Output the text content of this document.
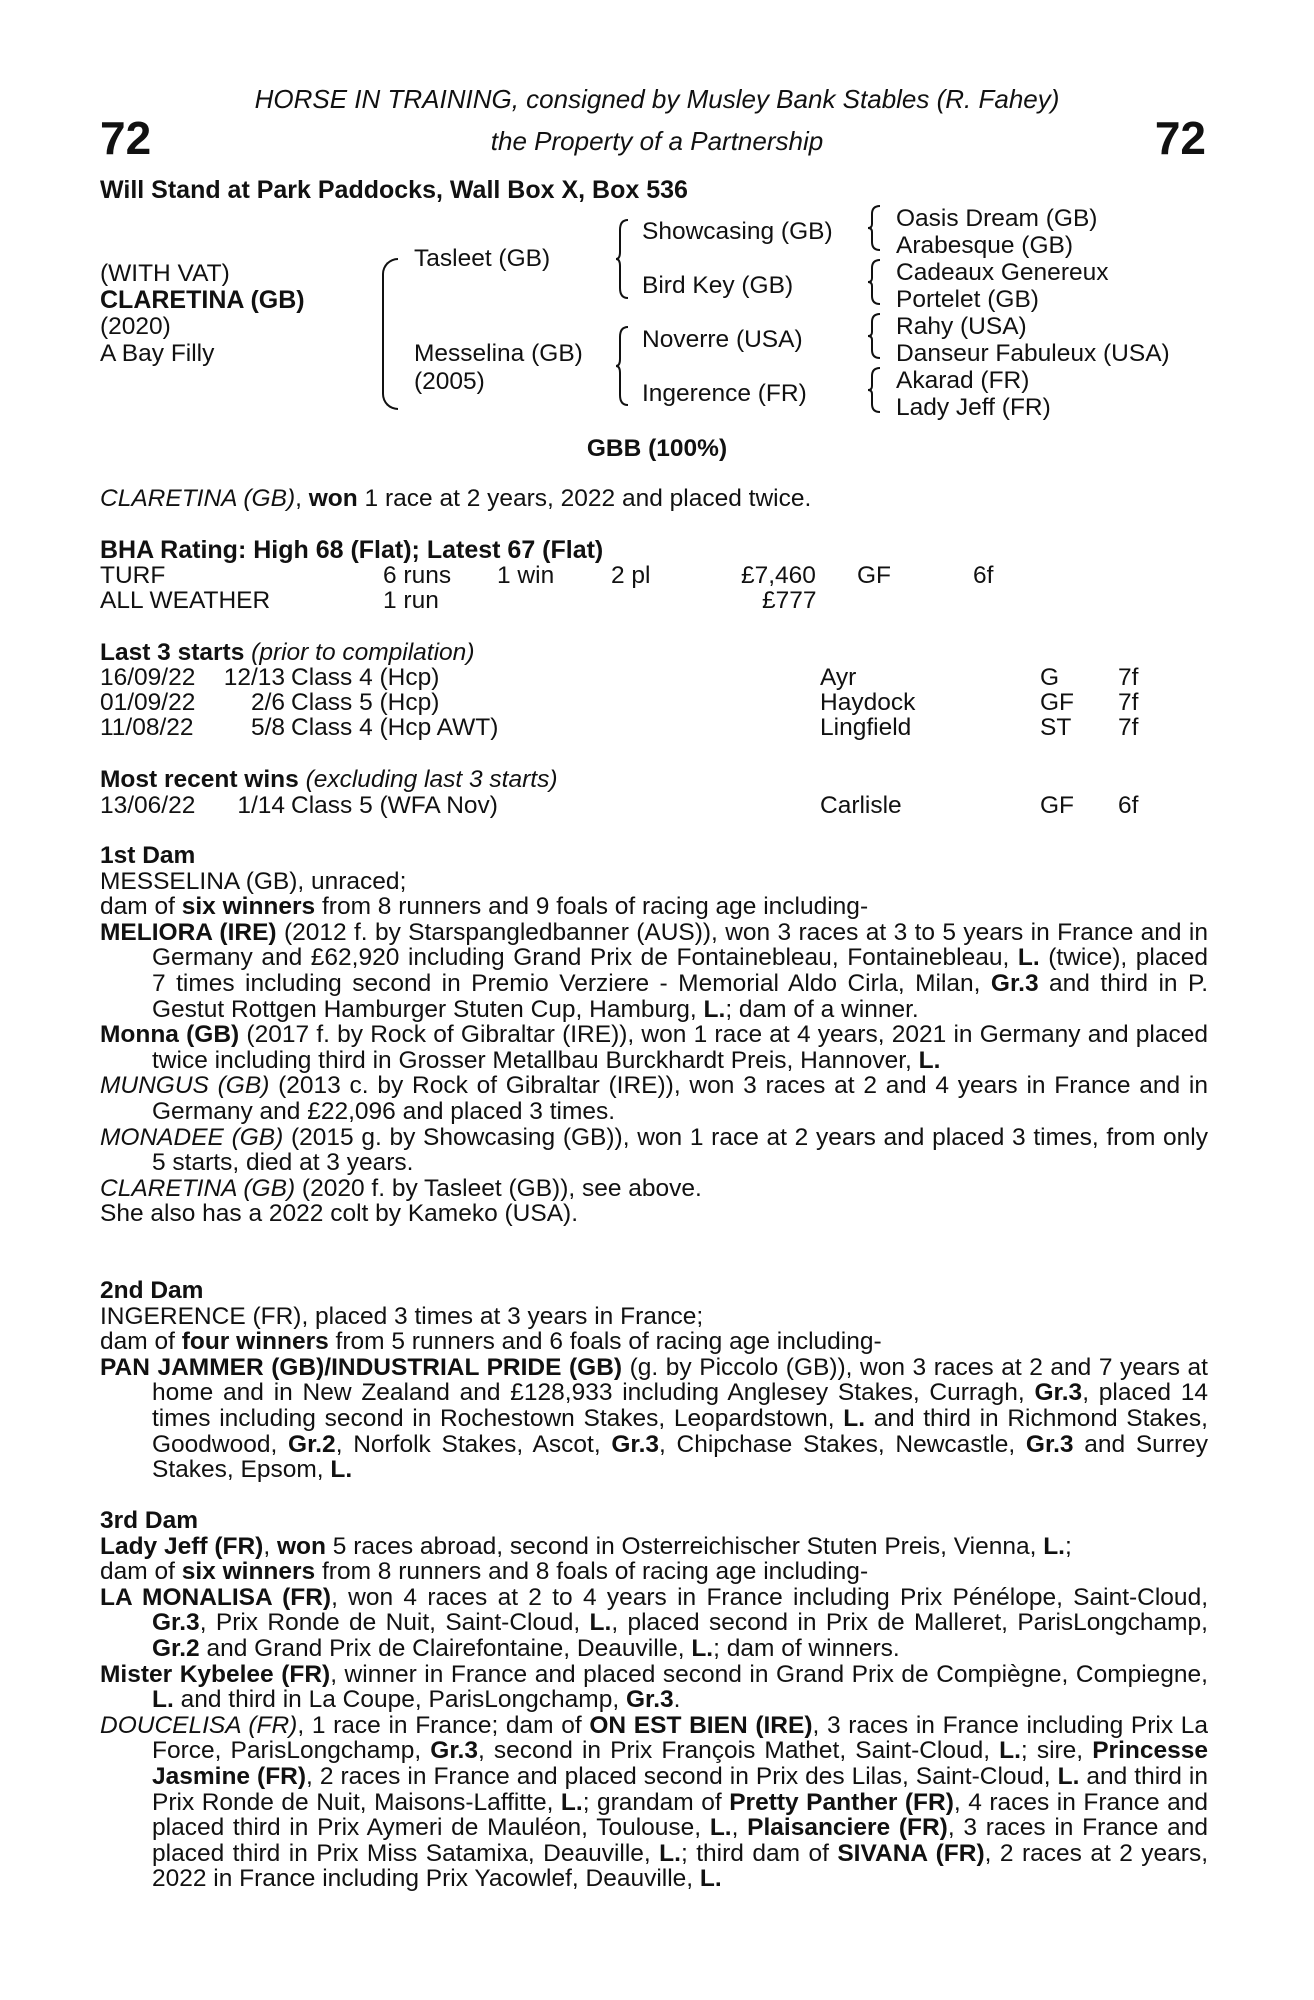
72	72
HORSE IN TRAINING, consigned by Musley Bank Stables (R. Fahey)
the Property of a Partnership
Will Stand at Park Paddocks, Wall Box X, Box 536
(WITH VAT)
CLARETINA (GB)
(2020)
A Bay Filly
Tasleet (GB)
Messelina (GB)
(2005)
Showcasing (GB)
Bird Key (GB)
Noverre (USA)
Ingerence (FR)
Oasis Dream (GB)
Arabesque (GB)
Cadeaux Genereux
Portelet (GB)
Rahy (USA)
Danseur Fabuleux (USA)
Akarad (FR)
Lady Jeff (FR)
GBB (100%)
CLARETINA (GB), won 1 race at 2 years, 2022 and placed twice.
BHA Rating: High 68 (Flat); Latest 67 (Flat)
TURF	6 runs 1 win 2 pl	£7,460 GF	6f
ALL WEATHER	1 run	£777
Last 3 starts (prior to compilation)
16/09/22	12/13 Class 4 (Hcp)	Ayr	G 7f
01/09/22	2/6 Class 5 (Hcp)	Haydock	GF 7f
11/08/22	5/8 Class 4 (Hcp AWT)	Lingfield	ST 7f
Most recent wins (excluding last 3 starts)
13/06/22	1/14 Class 5 (WFA Nov)	Carlisle	GF 6f

1st Dam

MESSELINA (GB), unraced;

dam of six winners from 8 runners and 9 foals of racing age including-

MELIORA (IRE) (2012 f. by Starspangledbanner (AUS)), won 3 races at 3 to 5 years in France and in Germany and £62,920 including Grand Prix de Fontainebleau, Fontainebleau, L. (twice), placed 7 times including second in Premio Verziere - Memorial Aldo Cirla, Milan, Gr.3 and third in P. Gestut Rottgen Hamburger Stuten Cup, Hamburg, L.; dam of a winner.

Monna (GB) (2017 f. by Rock of Gibraltar (IRE)), won 1 race at 4 years, 2021 in Germany and placed twice including third in Grosser Metallbau Burckhardt Preis, Hannover, L.

MUNGUS (GB) (2013 c. by Rock of Gibraltar (IRE)), won 3 races at 2 and 4 years in France and in Germany and £22,096 and placed 3 times.

MONADEE (GB) (2015 g. by Showcasing (GB)), won 1 race at 2 years and placed 3 times, from only 5 starts, died at 3 years.

CLARETINA (GB) (2020 f. by Tasleet (GB)), see above.

She also has a 2022 colt by Kameko (USA).

2nd Dam

INGERENCE (FR), placed 3 times at 3 years in France;

dam of four winners from 5 runners and 6 foals of racing age including-

PAN JAMMER (GB)/INDUSTRIAL PRIDE (GB) (g. by Piccolo (GB)), won 3 races at 2 and 7 years at home and in New Zealand and £128,933 including Anglesey Stakes, Curragh, Gr.3, placed 14 times including second in Rochestown Stakes, Leopardstown, L. and third in Richmond Stakes, Goodwood, Gr.2, Norfolk Stakes, Ascot, Gr.3, Chipchase Stakes, Newcastle, Gr.3 and Surrey Stakes, Epsom, L.

3rd Dam

Lady Jeff (FR), won 5 races abroad, second in Osterreichischer Stuten Preis, Vienna, L.;

dam of six winners from 8 runners and 8 foals of racing age including-

LA MONALISA (FR), won 4 races at 2 to 4 years in France including Prix Pénélope, Saint-Cloud, Gr.3, Prix Ronde de Nuit, Saint-Cloud, L., placed second in Prix de Malleret, ParisLongchamp, Gr.2 and Grand Prix de Clairefontaine, Deauville, L.; dam of winners.

Mister Kybelee (FR), winner in France and placed second in Grand Prix de Compiègne, Compiegne, L. and third in La Coupe, ParisLongchamp, Gr.3.

DOUCELISA (FR), 1 race in France; dam of ON EST BIEN (IRE), 3 races in France including Prix La Force, ParisLongchamp, Gr.3, second in Prix François Mathet, Saint-Cloud, L.; sire, Princesse Jasmine (FR), 2 races in France and placed second in Prix des Lilas, Saint-Cloud, L. and third in Prix Ronde de Nuit, Maisons-Laffitte, L.; grandam of Pretty Panther (FR), 4 races in France and placed third in Prix Aymeri de Mauléon, Toulouse, L., Plaisanciere (FR), 3 races in France and placed third in Prix Miss Satamixa, Deauville, L.; third dam of SIVANA (FR), 2 races at 2 years, 2022 in France including Prix Yacowlef, Deauville, L.
